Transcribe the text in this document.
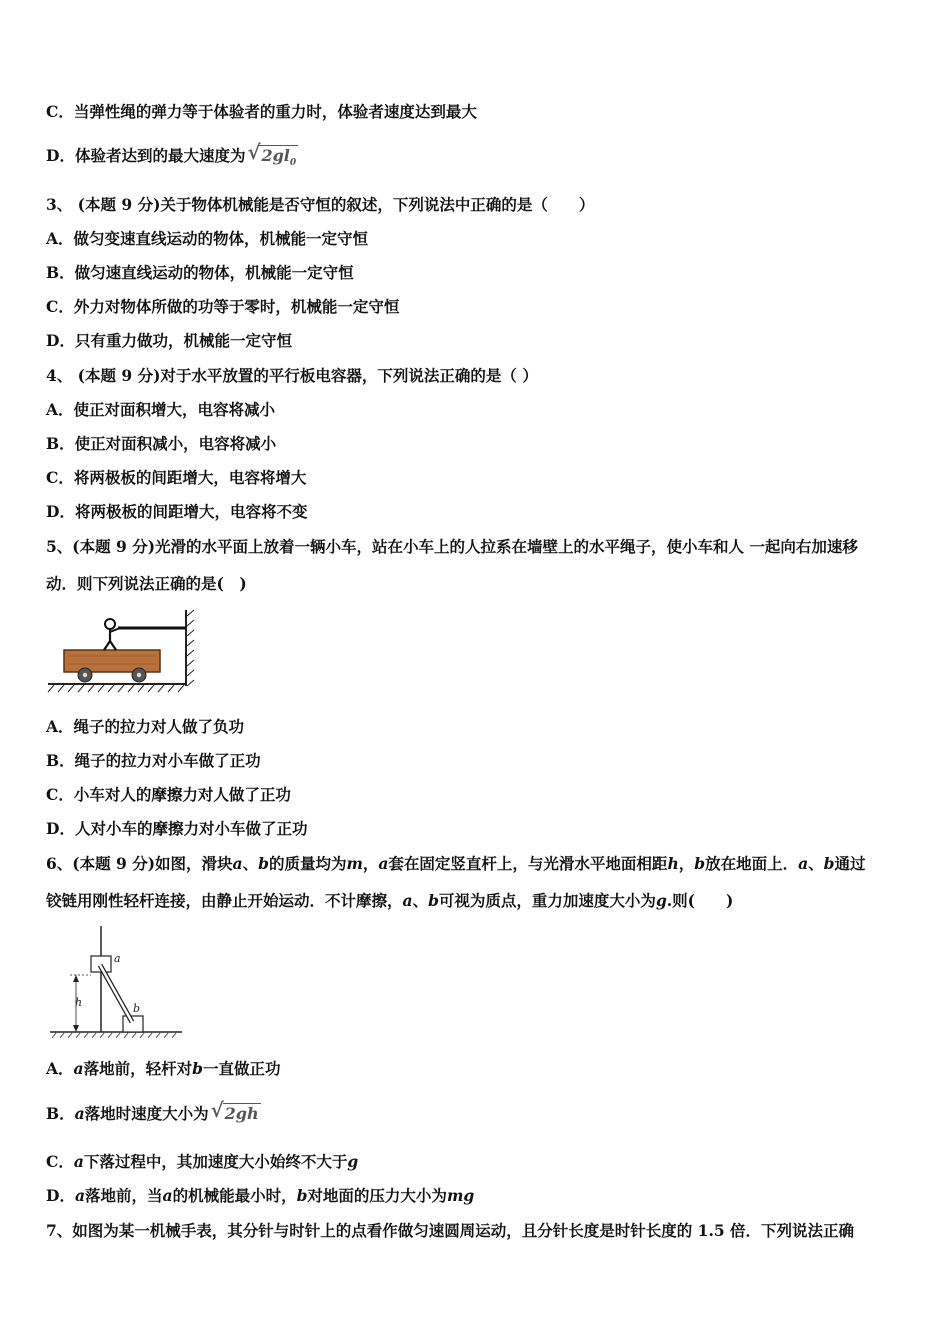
C．当弹性绳的弹力等于体验者的重力时，体验者速度达到最大
D．体验者达到的最大速度为 √ $2gl_0$
3、 (本题 9 分)关于物体机械能是否守恒的叙述，下列说法中正确的是（　　）
A．做匀变速直线运动的物体，机械能一定守恒
B．做匀速直线运动的物体，机械能一定守恒
C．外力对物体所做的功等于零时，机械能一定守恒
D．只有重力做功，机械能一定守恒
4、 (本题 9 分)对于水平放置的平行板电容器，下列说法正确的是（ ）
A．使正对面积增大，电容将减小
B．使正对面积减小，电容将减小
C．将两极板的间距增大，电容将增大
D．将两极板的间距增大，电容将不变
5、(本题 9 分)光滑的水平面上放着一辆小车，站在小车上的人拉系在墙壁上的水平绳子，使小车和人 一起向右加速移
动．则下列说法正确的是(　)
A．绳子的拉力对人做了负功
B．绳子的拉力对小车做了正功
C．小车对人的摩擦力对人做了正功
D．人对小车的摩擦力对小车做了正功
6、(本题 9 分)如图，滑块a、b的质量均为m，a套在固定竖直杆上，与光滑水平地面相距h，b放在地面上．a、b通过
铰链用刚性轻杆连接，由静止开始运动．不计摩擦，a、b可视为质点，重力加速度大小为g.则(　　)
h
a
b
A．a落地前，轻杆对b一直做正功
B．a落地时速度大小为 √ 2gh
C．a下落过程中，其加速度大小始终不大于g
D．a落地前，当a的机械能最小时，b对地面的压力大小为mg
7、如图为某一机械手表，其分针与时针上的点看作做匀速圆周运动，且分针长度是时针长度的 1.5 倍．下列说法正确
